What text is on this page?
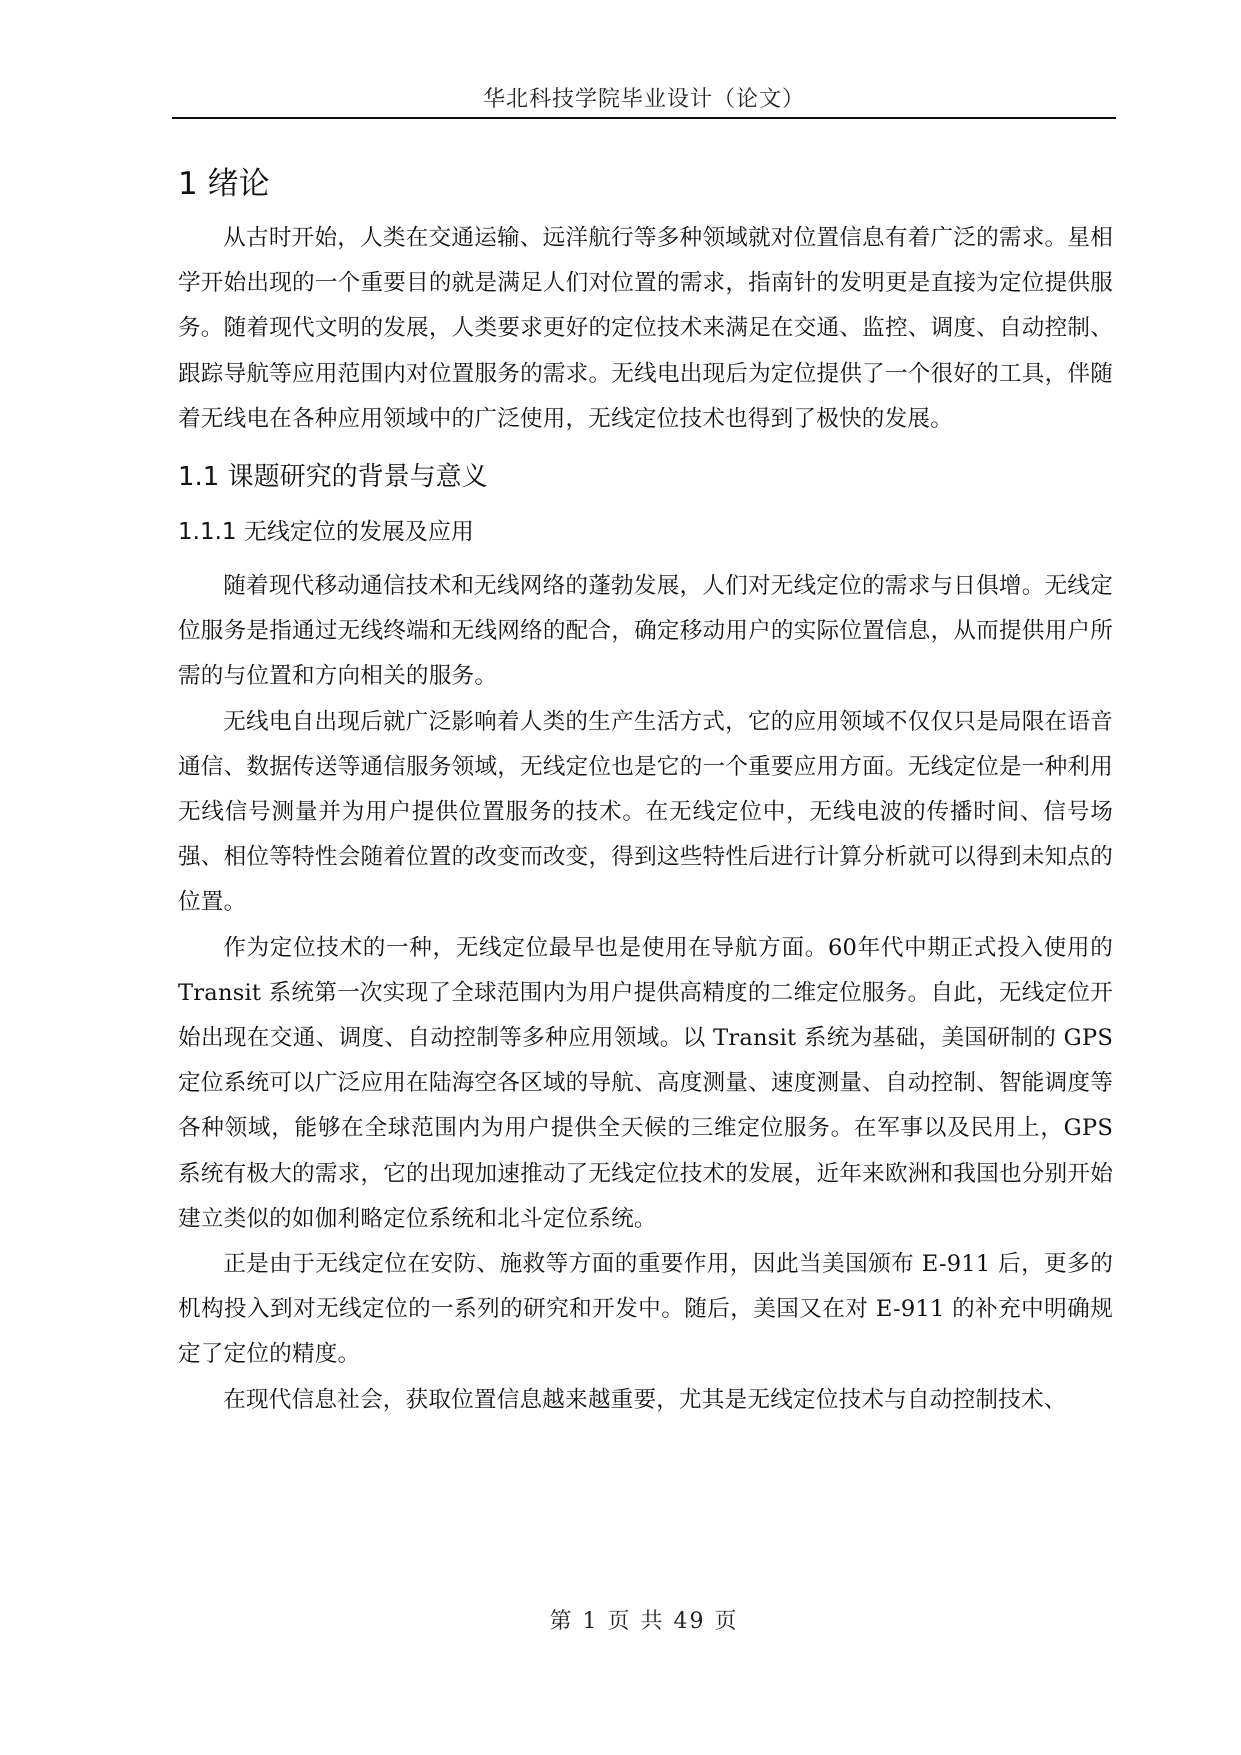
华北科技学院毕业设计（论文）
1 绪论

从古时开始，人类在交通运输、远洋航行等多种领域就对位置信息有着广泛的需求。星相学开始出现的一个重要目的就是满足人们对位置的需求，指南针的发明更是直接为定位提供服务。随着现代文明的发展，人类要求更好的定位技术来满足在交通、监控、调度、自动控制、跟踪导航等应用范围内对位置服务的需求。无线电出现后为定位提供了一个很好的工具，伴随着无线电在各种应用领域中的广泛使用，无线定位技术也得到了极快的发展。

1.1 课题研究的背景与意义
1.1.1 无线定位的发展及应用

随着现代移动通信技术和无线网络的蓬勃发展，人们对无线定位的需求与日俱增。无线定位服务是指通过无线终端和无线网络的配合，确定移动用户的实际位置信息，从而提供用户所需的与位置和方向相关的服务。

无线电自出现后就广泛影响着人类的生产生活方式，它的应用领域不仅仅只是局限在语音通信、数据传送等通信服务领域，无线定位也是它的一个重要应用方面。无线定位是一种利用无线信号测量并为用户提供位置服务的技术。在无线定位中，无线电波的传播时间、信号场强、相位等特性会随着位置的改变而改变，得到这些特性后进行计算分析就可以得到未知点的位置。

作为定位技术的一种，无线定位最早也是使用在导航方面。60年代中期正式投入使用的 Transit 系统第一次实现了全球范围内为用户提供高精度的二维定位服务。自此，无线定位开始出现在交通、调度、自动控制等多种应用领域。以 Transit 系统为基础，美国研制的 GPS 定位系统可以广泛应用在陆海空各区域的导航、高度测量、速度测量、自动控制、智能调度等各种领域，能够在全球范围内为用户提供全天候的三维定位服务。在军事以及民用上，GPS 系统有极大的需求，它的出现加速推动了无线定位技术的发展，近年来欧洲和我国也分别开始建立类似的如伽利略定位系统和北斗定位系统。

正是由于无线定位在安防、施救等方面的重要作用，因此当美国颁布 E-911 后，更多的机构投入到对无线定位的一系列的研究和开发中。随后，美国又在对 E-911 的补充中明确规定了定位的精度。

在现代信息社会，获取位置信息越来越重要，尤其是无线定位技术与自动控制技术、

第 1 页 共 49 页
